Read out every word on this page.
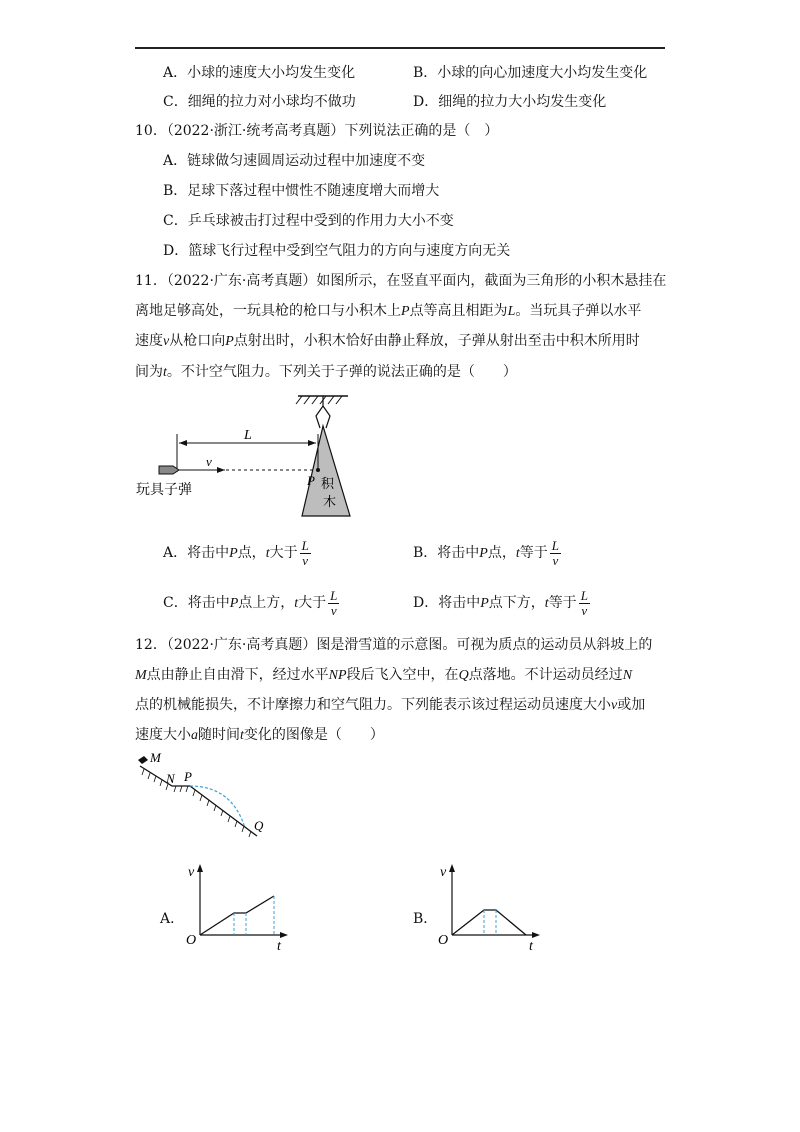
A．小球的速度大小均发生变化	B．小球的向心加速度大小均发生变化
C．细绳的拉力对小球均不做功	D．细绳的拉力大小均发生变化
10．（2022·浙江·统考高考真题）下列说法正确的是（　）
A．链球做匀速圆周运动过程中加速度不变
B．足球下落过程中惯性不随速度增大而增大
C．乒乓球被击打过程中受到的作用力大小不变
D．篮球飞行过程中受到空气阻力的方向与速度方向无关
11．（2022·广东·高考真题）如图所示，在竖直平面内，截面为三角形的小积木悬挂在
离地足够高处，一玩具枪的枪口与小积木上P点等高且相距为L。当玩具子弹以水平
速度v从枪口向P点射出时，小积木恰好由静止释放，子弹从射出至击中积木所用时
间为t。不计空气阻力。下列关于子弹的说法正确的是（　　）
积
木
L
v
P
玩具子弹
A．将击中P点，t大于 $\frac{L}{v}$	B．将击中P点，t等于 $\frac{L}{v}$
C．将击中P点上方，t大于 $\frac{L}{v}$	D．将击中P点下方，t等于 $\frac{L}{v}$
12．（2022·广东·高考真题）图是滑雪道的示意图。可视为质点的运动员从斜坡上的
M点由静止自由滑下，经过水平NP段后飞入空中，在Q点落地。不计运动员经过N
点的机械能损失，不计摩擦力和空气阻力。下列能表示该过程运动员速度大小v或加
速度大小a随时间t变化的图像是（　　）
M
N P
Q
A．
v
t
O
B．
v
t
O
